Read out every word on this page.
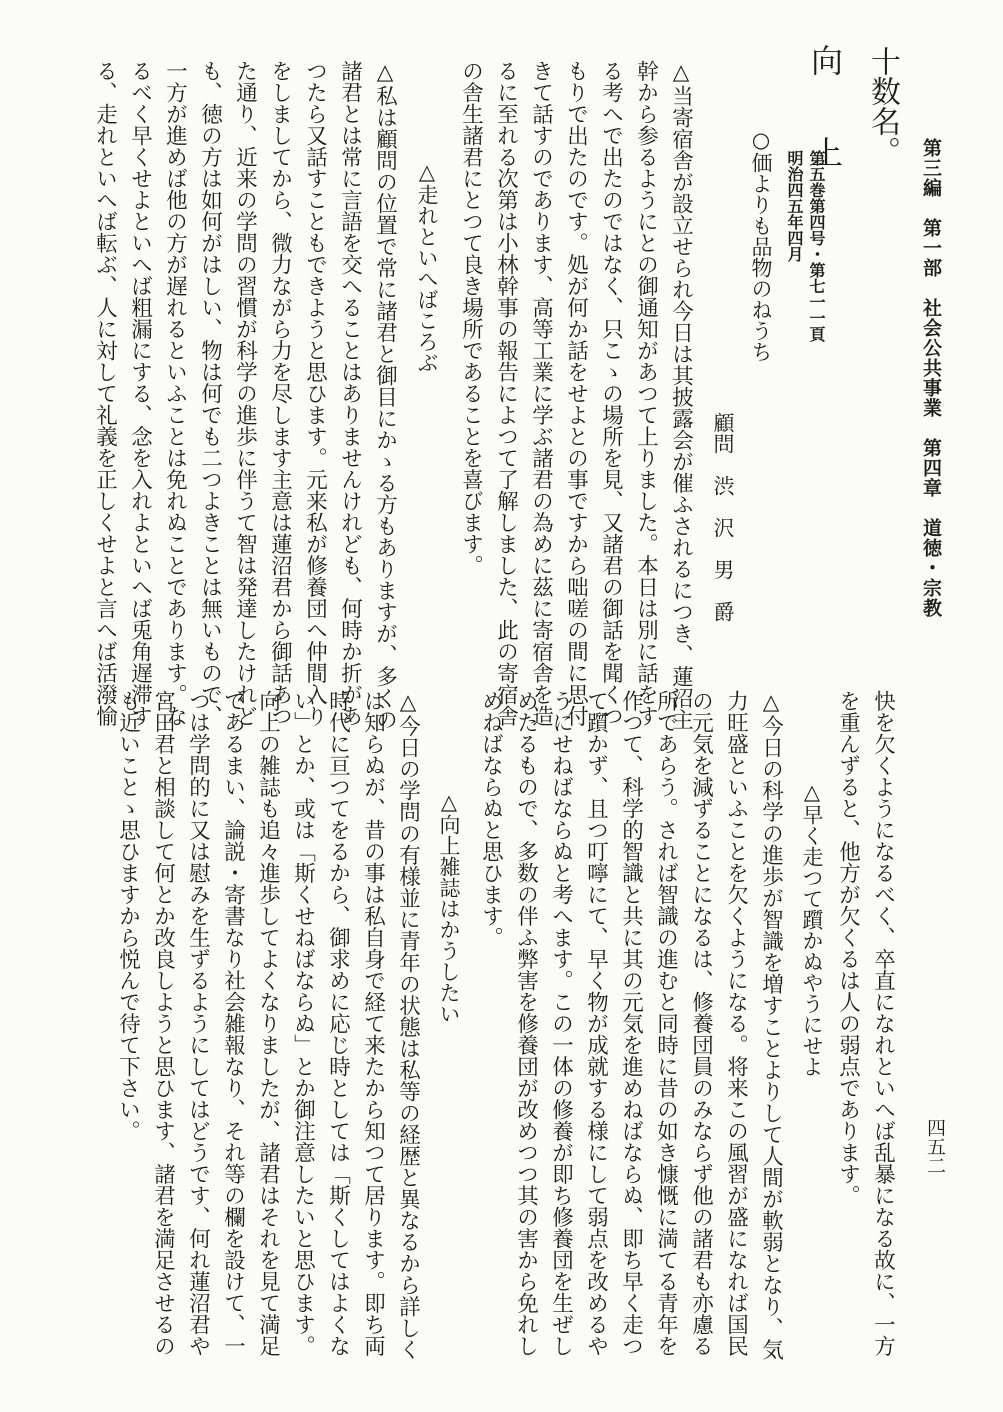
第三編　第一部　社会公共事業　第四章　道徳・宗教
四五二
十数名。
向　上
第五巻第四号・第七一一頁
明治四五年四月
○価よりも品物のねうち
顧問　渋　沢　男　爵
△当寄宿舎が設立せられ今日は其披露会が催ふされるにつき、蓮沼主
幹から参るようにとの御通知があつて上りました。本日は別に話をす
る考へで出たのではなく、只こゝの場所を見、又諸君の御話を聞くつ
もりで出たのです。処が何か話をせよとの事ですから咄嗟の間に思付
きて話すのであります、高等工業に学ぶ諸君の為めに茲に寄宿舎を造
るに至れる次第は小林幹事の報告によつて了解しました、此の寄宿舎
の舎生諸君にとつて良き場所であることを喜びます。
△走れといへばころぶ
△私は顧問の位置で常に諸君と御目にかゝる方もありますが、多くの
諸君とは常に言語を交へることはありませんけれども、何時か折があ
つたら又話すこともできようと思ひます。元来私が修養団へ仲間入り
をしましてから、微力ながら力を尽します主意は蓮沼君から御話あつ
た通り、近来の学問の習慣が科学の進歩に伴うて智は発達したけれど
も、徳の方は如何がはしい、物は何でも二つよきことは無いもので、
一方が進めば他の方が遅れるといふことは免れぬことであります。な
るべく早くせよといへば粗漏にする、念を入れよといへば兎角遅滞す
る、走れといへば転ぶ、人に対して礼義を正しくせよと言へば活潑愉
快を欠くようになるべく、卒直になれといへば乱暴になる故に、一方
を重んずると、他方が欠くるは人の弱点であります。
△早く走つて躓かぬやうにせよ
△今日の科学の進歩が智識を増すことよりして人間が軟弱となり、気
力旺盛といふことを欠くようになる。将来この風習が盛になれば国民
の元気を減ずることになるは、修養団員のみならず他の諸君も亦慮る
所であらう。されば智識の進むと同時に昔の如き慷慨に満てる青年を
作つて、科学的智識と共に其の元気を進めねばならぬ、即ち早く走つ
て躓かず、且つ叮嚀にて、早く物が成就する様にして弱点を改めるや
うにせねばならぬと考へます。この一体の修養が即ち修養団を生ぜし
めたるもので、多数の伴ふ弊害を修養団が改めつつ其の害から免れし
めねばならぬと思ひます。
△向上雑誌はかうしたい
△今日の学問の有様並に青年の状態は私等の経歴と異なるから詳しく
は知らぬが、昔の事は私自身で経て来たから知つて居ります。即ち両
時代に亘つてをるから、御求めに応じ時としては「斯くしてはよくな
い」とか、或は「斯くせねばならぬ」とか御注意したいと思ひます。
向上の雑誌も追々進歩してよくなりましたが、諸君はそれを見て満足
であるまい、論説・寄書なり社会雑報なり、それ等の欄を設けて、一
つは学問的に又は慰みを生ずるようにしてはどうです、何れ蓮沼君や
宮田君と相談して何とか改良しようと思ひます、諸君を満足させるの
も近いことゝ思ひますから悦んで待て下さい。
